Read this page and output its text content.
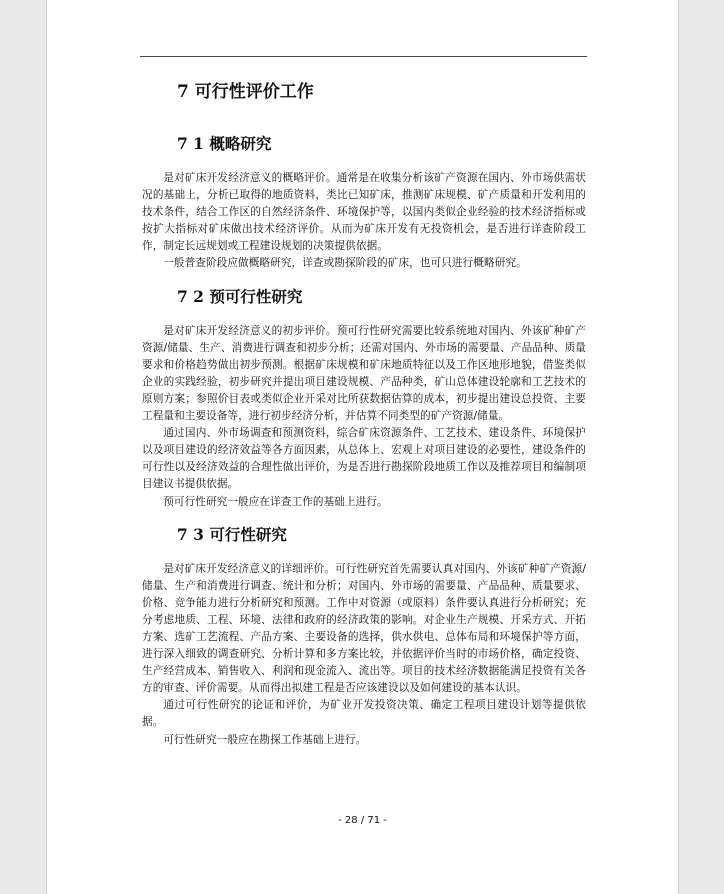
7 可行性评价工作
7 1 概略研究

是对矿床开发经济意义的概略评价。通常是在收集分析该矿产资源在国内、外市场供需状况的基础上，分析已取得的地质资料，类比已知矿床，推测矿床规模、矿产质量和开发利用的技术条件，结合工作区的自然经济条件、环境保护等，以国内类似企业经验的技术经济指标或按扩大指标对矿床做出技术经济评价。从而为矿床开发有无投资机会，是否进行详查阶段工作，制定长远规划或工程建设规划的决策提供依据。

一般普查阶段应做概略研究，详查或勘探阶段的矿床，也可只进行概略研究。

7 2 预可行性研究

是对矿床开发经济意义的初步评价。预可行性研究需要比较系统地对国内、外该矿种矿产资源/储量、生产、消费进行调查和初步分析；还需对国内、外市场的需要量、产品品种、质量要求和价格趋势做出初步预测。根据矿床规模和矿床地质特征以及工作区地形地貌，借鉴类似企业的实践经验，初步研究并提出项目建设规模、产品种类，矿山总体建设轮廓和工艺技术的原则方案；参照价目表或类似企业开采对比所获数据估算的成本，初步提出建设总投资、主要工程量和主要设备等，进行初步经济分析，并估算不同类型的矿产资源/储量。

通过国内、外市场调查和预测资料，综合矿床资源条件、工艺技术、建设条件、环境保护以及项目建设的经济效益等各方面因素，从总体上、宏观上对项目建设的必要性，建设条件的可行性以及经济效益的合理性做出评价，为是否进行勘探阶段地质工作以及推荐项目和编制项目建议书提供依据。

预可行性研究一般应在详查工作的基础上进行。

7 3 可行性研究

是对矿床开发经济意义的详细评价。可行性研究首先需要认真对国内、外该矿种矿产资源/储量、生产和消费进行调查、统计和分析；对国内、外市场的需要量、产品品种、质量要求、价格、竞争能力进行分析研究和预测。工作中对资源（或原料）条件要认真进行分析研究；充分考虑地质、工程、环境、法律和政府的经济政策的影响。对企业生产规模、开采方式、开拓方案、选矿工艺流程、产品方案、主要设备的选择，供水供电、总体布局和环境保护等方面，进行深入细致的调查研究、分析计算和多方案比较，并依据评价当时的市场价格，确定投资、生产经营成本、销售收入、利润和现金流入、流出等。项目的技术经济数据能满足投资有关各方的审查、评价需要。从而得出拟建工程是否应该建设以及如何建设的基本认识。

通过可行性研究的论证和评价，为矿业开发投资决策、确定工程项目建设计划等提供依据。

可行性研究一般应在勘探工作基础上进行。

- 28 / 71 -
